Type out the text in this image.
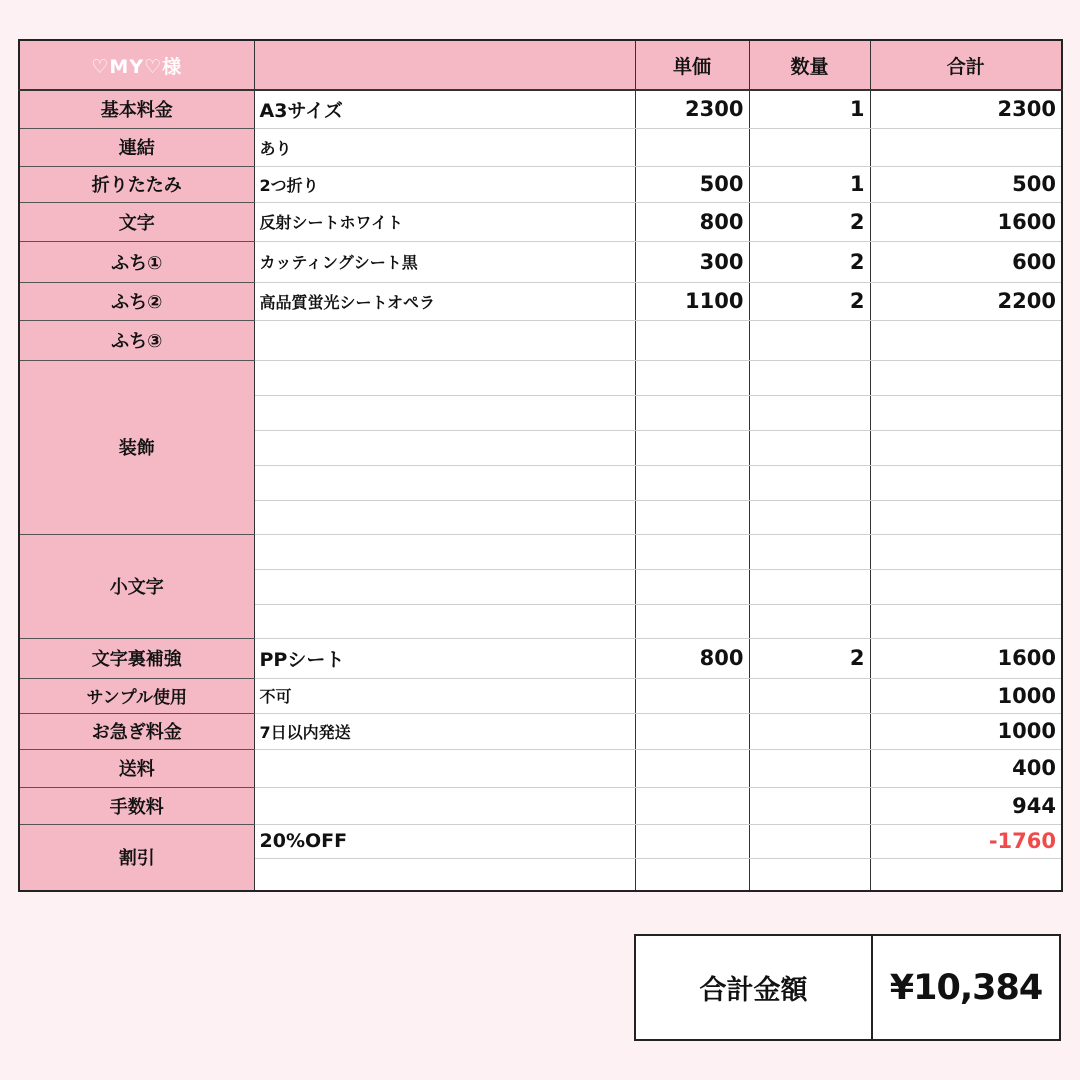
♡MY♡様		単価	数量	合計
基本料金	A3サイズ	2300	1	2300
連結	あり			
折りたたみ	2つ折り	500	1	500
文字	反射シートホワイト	800	2	1600
ふち①	カッティングシート黒	300	2	600
ふち②	高品質蛍光シートオペラ	1100	2	2200
ふち③				
装飾				

小文字				

文字裏補強	PPシート	800	2	1600
サンプル使用	不可			1000
お急ぎ料金	7日以内発送			1000
送料				400
手数料				944
割引	20%OFF			-1760

合計金額	¥10,384
